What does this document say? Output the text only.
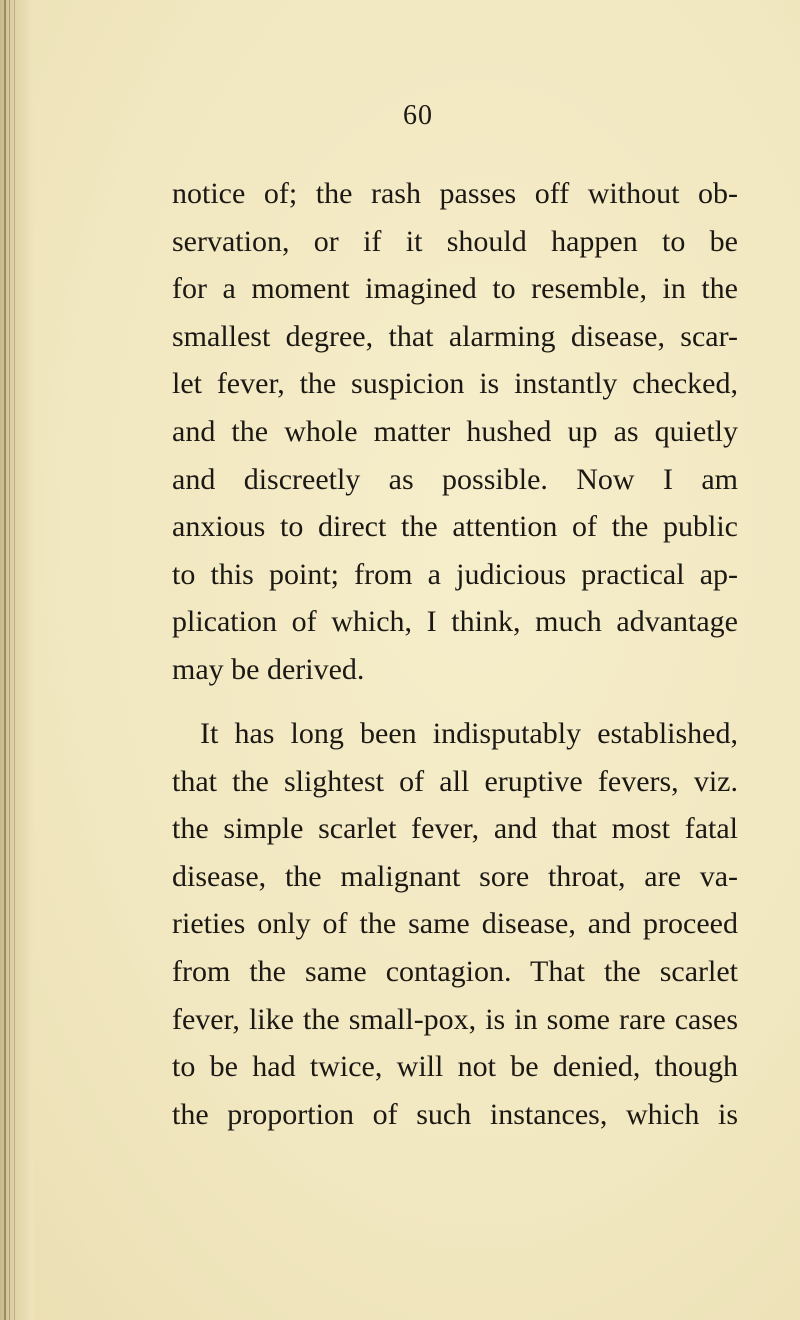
60
notice of; the rash passes off without ob-
servation, or if it should happen to be
for a moment imagined to resemble, in the
smallest degree, that alarming disease, scar-
let fever, the suspicion is instantly checked,
and the whole matter hushed up as quietly
and discreetly as possible. Now I am
anxious to direct the attention of the public
to this point; from a judicious practical ap-
plication of which, I think, much advantage
may be derived.
It has long been indisputably established,
that the slightest of all eruptive fevers, viz.
the simple scarlet fever, and that most fatal
disease, the malignant sore throat, are va-
rieties only of the same disease, and proceed
from the same contagion. That the scarlet
fever, like the small-pox, is in some rare cases
to be had twice, will not be denied, though
the proportion of such instances, which is
